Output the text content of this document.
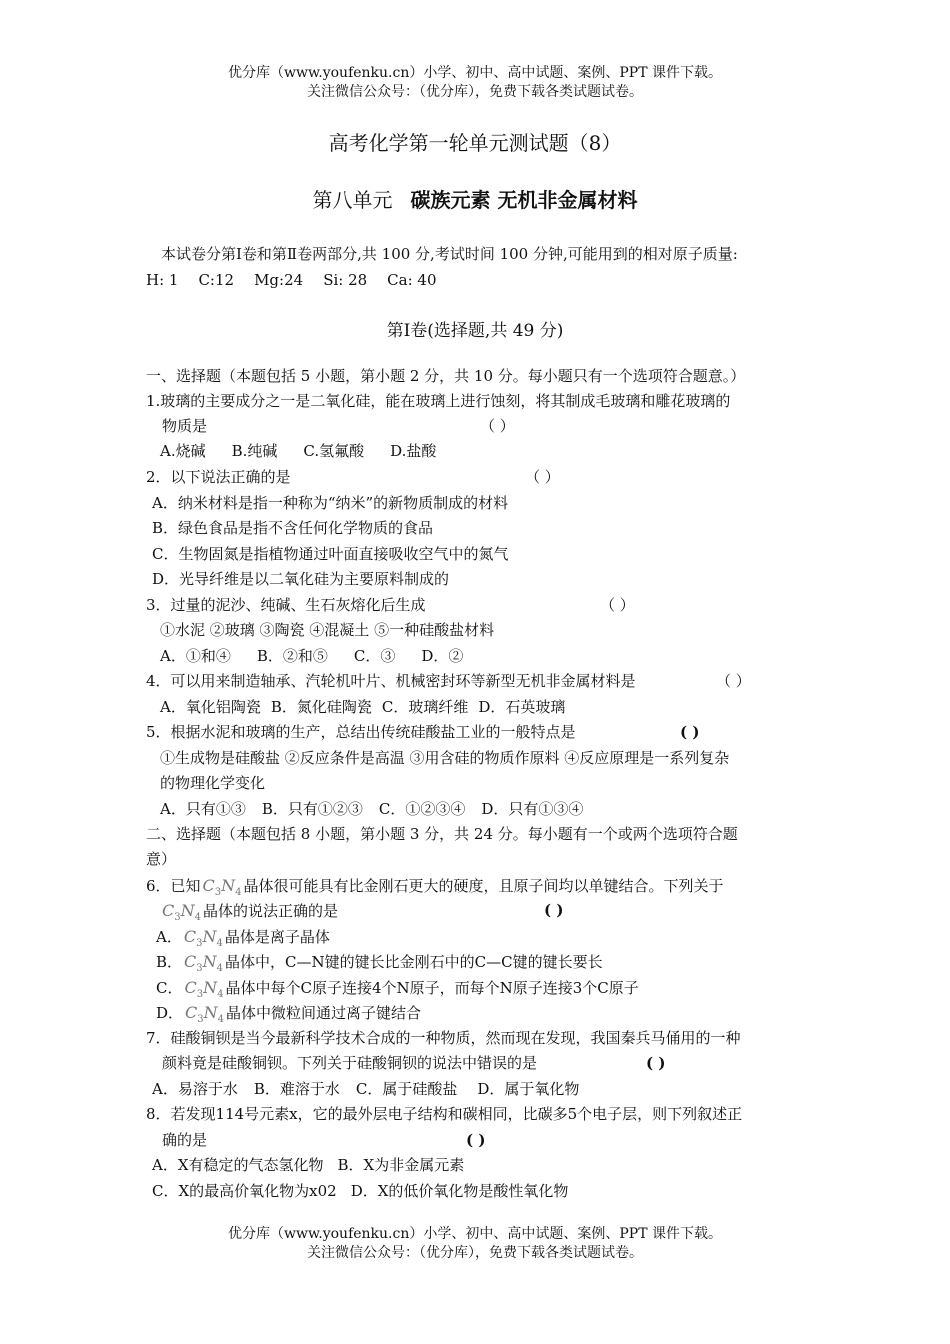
优分库（www.youfenku.cn）小学、初中、高中试题、案例、PPT 课件下载。
关注微信公众号：（优分库），免费下载各类试题试卷。
高考化学第一轮单元测试题（8）
第八单元 碳族元素 无机非金属材料
本试卷分第Ⅰ卷和第Ⅱ卷两部分,共 100 分,考试时间 100 分钟,可能用到的相对原子质量:
H: 1 C:12 Mg:24 Si: 28 Ca: 40
第Ⅰ卷(选择题,共 49 分)
一、选择题（本题包括 5 小题，第小题 2 分，共 10 分。每小题只有一个选项符合题意。）
1.玻璃的主要成分之一是二氧化硅，能在玻璃上进行蚀刻，将其制成毛玻璃和雕花玻璃的
物质是	（ ）
A.烧碱 B.纯碱 C.氢氟酸 D.盐酸
2．以下说法正确的是	（ ）
A．纳米材料是指一种称为“纳米”的新物质制成的材料
B．绿色食品是指不含任何化学物质的食品
C．生物固氮是指植物通过叶面直接吸收空气中的氮气
D．光导纤维是以二氧化硅为主要原料制成的
3．过量的泥沙、纯碱、生石灰熔化后生成	（ ）
①水泥 ②玻璃 ③陶瓷 ④混凝土 ⑤一种硅酸盐材料
A．①和④ B．②和⑤ C．③ D．②
4．可以用来制造轴承、汽轮机叶片、机械密封环等新型无机非金属材料是	（ ）
A．氧化铝陶瓷 B．氮化硅陶瓷 C．玻璃纤维 D．石英玻璃
5．根据水泥和玻璃的生产，总结出传统硅酸盐工业的一般特点是	( )
①生成物是硅酸盐 ②反应条件是高温 ③用含硅的物质作原料 ④反应原理是一系列复杂
的物理化学变化
A．只有①③ B．只有①②③ C．①②③④ D．只有①③④
二、选择题（本题包括 8 小题，第小题 3 分，共 24 分。每小题有一个或两个选项符合题
意）
6．已知 $C_3N_4$ 晶体很可能具有比金刚石更大的硬度，且原子间均以单键结合。下列关于
$C_3N_4$ 晶体的说法正确的是	( )
A． $C_3N_4$ 晶体是离子晶体
B． $C_3N_4$ 晶体中，C—N键的键长比金刚石中的C—C键的键长要长
C． $C_3N_4$ 晶体中每个C原子连接4个N原子，而每个N原子连接3个C原子
D． $C_3N_4$ 晶体中微粒间通过离子键结合
7．硅酸铜钡是当今最新科学技术合成的一种物质，然而现在发现，我国秦兵马俑用的一种
颜料竟是硅酸铜钡。下列关于硅酸铜钡的说法中错误的是	( )
A．易溶于水 B．难溶于水 C．属于硅酸盐 D．属于氧化物
8．若发现114号元素x，它的最外层电子结构和碳相同，比碳多5个电子层，则下列叙述正
确的是	( )
A．X有稳定的气态氢化物 B．X为非金属元素
C．X的最高价氧化物为x02 D．X的低价氧化物是酸性氧化物
优分库（www.youfenku.cn）小学、初中、高中试题、案例、PPT 课件下载。
关注微信公众号：（优分库），免费下载各类试题试卷。
